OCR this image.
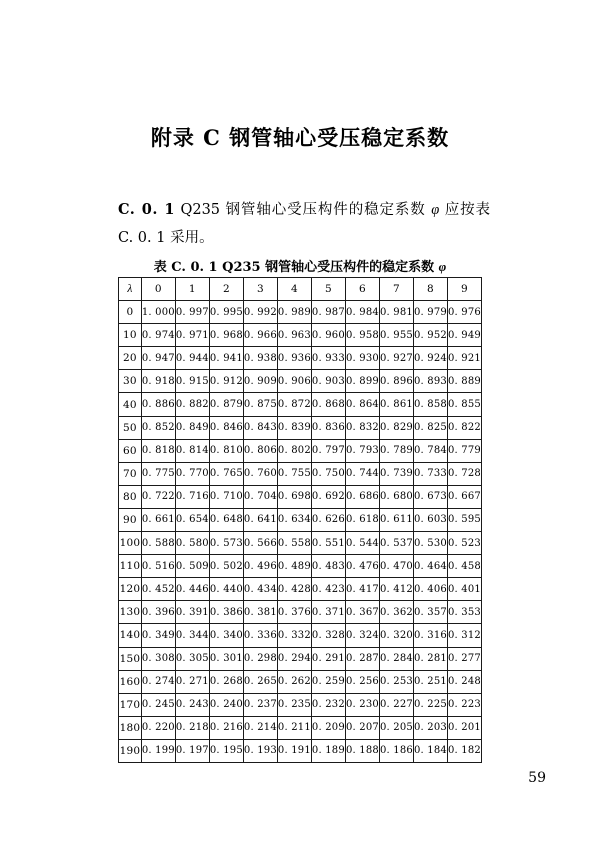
附录 C 钢管轴心受压稳定系数
C. 0. 1 Q235 钢管轴心受压构件的稳定系数 φ 应按表 C. 0. 1 采用。
表 C. 0. 1 Q235 钢管轴心受压构件的稳定系数 φ
λ	0	1	2	3	4	5	6	7	8	9
0	1. 000	0. 997	0. 995	0. 992	0. 989	0. 987	0. 984	0. 981	0. 979	0. 976
10	0. 974	0. 971	0. 968	0. 966	0. 963	0. 960	0. 958	0. 955	0. 952	0. 949
20	0. 947	0. 944	0. 941	0. 938	0. 936	0. 933	0. 930	0. 927	0. 924	0. 921
30	0. 918	0. 915	0. 912	0. 909	0. 906	0. 903	0. 899	0. 896	0. 893	0. 889
40	0. 886	0. 882	0. 879	0. 875	0. 872	0. 868	0. 864	0. 861	0. 858	0. 855
50	0. 852	0. 849	0. 846	0. 843	0. 839	0. 836	0. 832	0. 829	0. 825	0. 822
60	0. 818	0. 814	0. 810	0. 806	0. 802	0. 797	0. 793	0. 789	0. 784	0. 779
70	0. 775	0. 770	0. 765	0. 760	0. 755	0. 750	0. 744	0. 739	0. 733	0. 728
80	0. 722	0. 716	0. 710	0. 704	0. 698	0. 692	0. 686	0. 680	0. 673	0. 667
90	0. 661	0. 654	0. 648	0. 641	0. 634	0. 626	0. 618	0. 611	0. 603	0. 595
100	0. 588	0. 580	0. 573	0. 566	0. 558	0. 551	0. 544	0. 537	0. 530	0. 523
110	0. 516	0. 509	0. 502	0. 496	0. 489	0. 483	0. 476	0. 470	0. 464	0. 458
120	0. 452	0. 446	0. 440	0. 434	0. 428	0. 423	0. 417	0. 412	0. 406	0. 401
130	0. 396	0. 391	0. 386	0. 381	0. 376	0. 371	0. 367	0. 362	0. 357	0. 353
140	0. 349	0. 344	0. 340	0. 336	0. 332	0. 328	0. 324	0. 320	0. 316	0. 312
150	0. 308	0. 305	0. 301	0. 298	0. 294	0. 291	0. 287	0. 284	0. 281	0. 277
160	0. 274	0. 271	0. 268	0. 265	0. 262	0. 259	0. 256	0. 253	0. 251	0. 248
170	0. 245	0. 243	0. 240	0. 237	0. 235	0. 232	0. 230	0. 227	0. 225	0. 223
180	0. 220	0. 218	0. 216	0. 214	0. 211	0. 209	0. 207	0. 205	0. 203	0. 201
190	0. 199	0. 197	0. 195	0. 193	0. 191	0. 189	0. 188	0. 186	0. 184	0. 182
59
